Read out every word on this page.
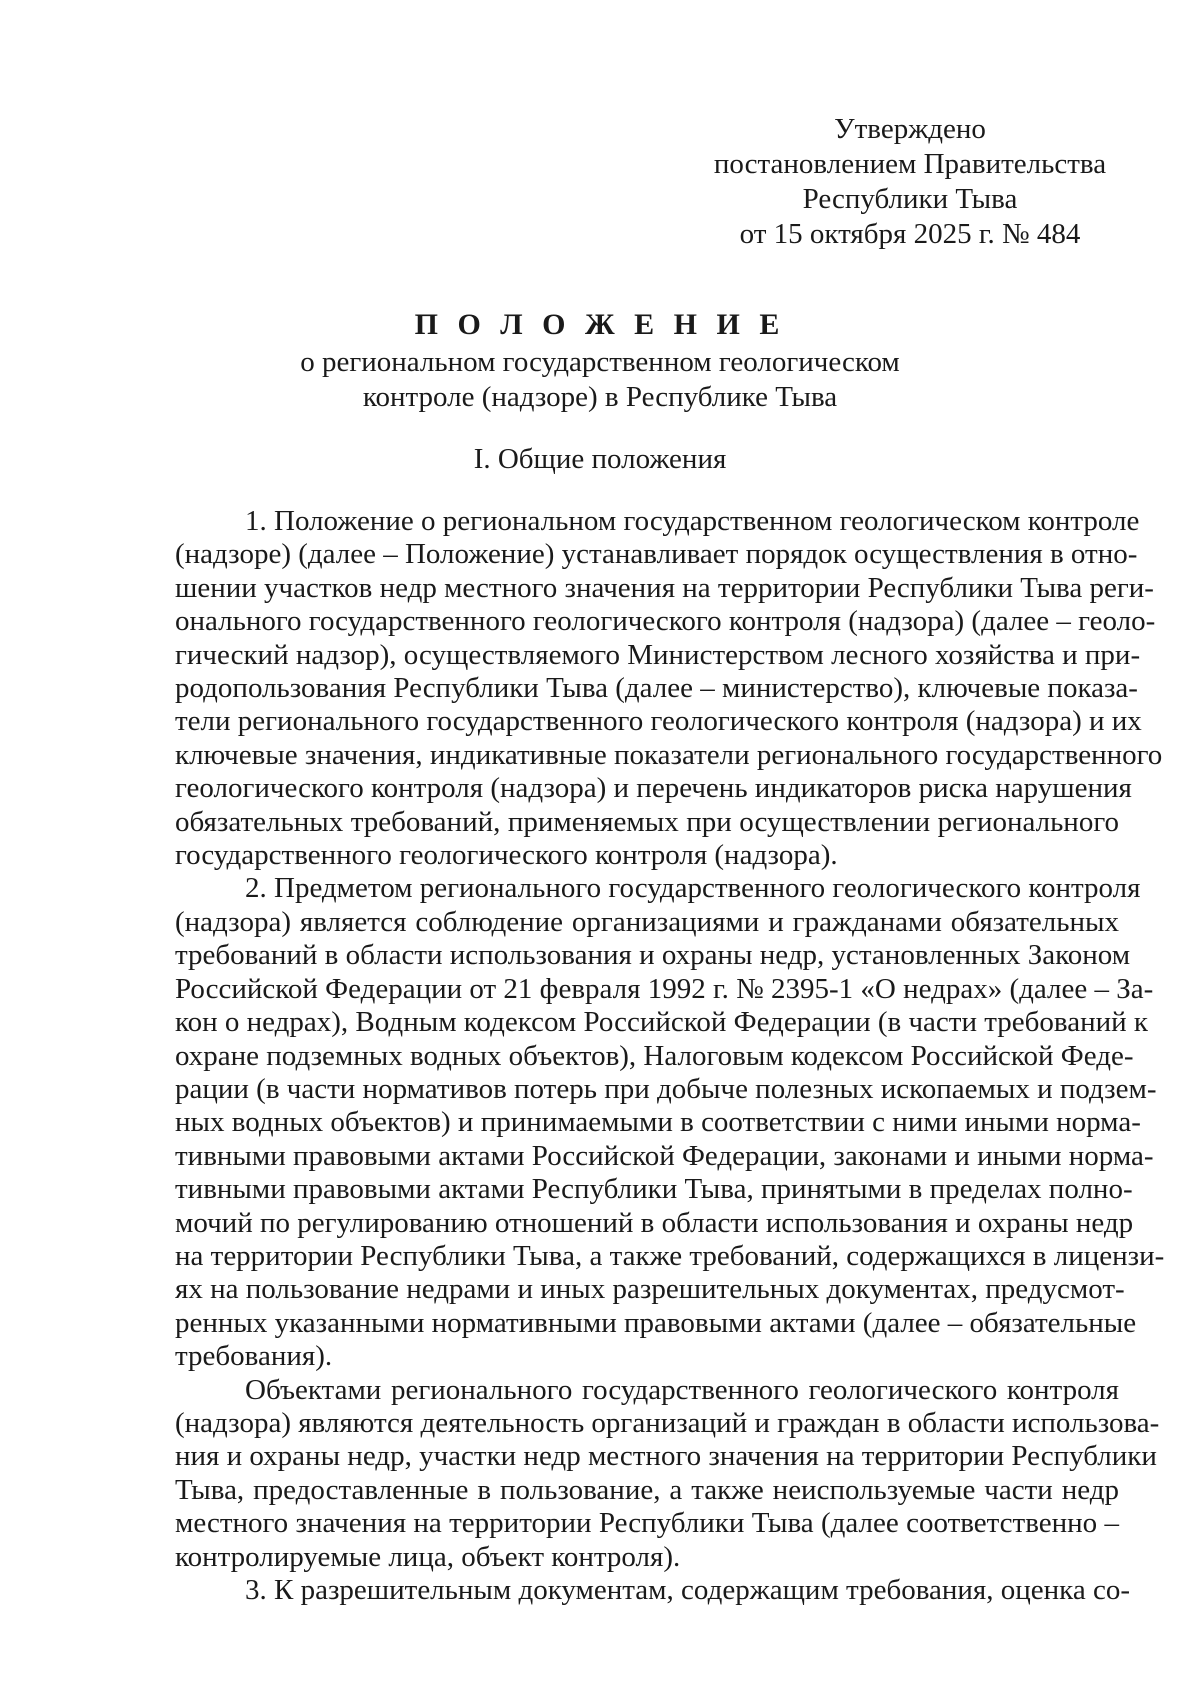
Утверждено
постановлением Правительства
Республики Тыва
от 15 октября 2025 г. № 484
П О Л О Ж Е Н И Е
о региональном государственном геологическом
контроле (надзоре) в Республике Тыва
I. Общие положения
1. Положение о региональном государственном геологическом контроле
(надзоре) (далее – Положение) устанавливает порядок осуществления в отно-
шении участков недр местного значения на территории Республики Тыва реги-
онального государственного геологического контроля (надзора) (далее – геоло-
гический надзор), осуществляемого Министерством лесного хозяйства и при-
родопользования Республики Тыва (далее – министерство), ключевые показа-
тели регионального государственного геологического контроля (надзора) и их
ключевые значения, индикативные показатели регионального государственного
геологического контроля (надзора) и перечень индикаторов риска нарушения
обязательных требований, применяемых при осуществлении регионального
государственного геологического контроля (надзора).
2. Предметом регионального государственного геологического контроля
(надзора) является соблюдение организациями и гражданами обязательных
требований в области использования и охраны недр, установленных Законом
Российской Федерации от 21 февраля 1992 г. № 2395-1 «О недрах» (далее – За-
кон о недрах), Водным кодексом Российской Федерации (в части требований к
охране подземных водных объектов), Налоговым кодексом Российской Феде-
рации (в части нормативов потерь при добыче полезных ископаемых и подзем-
ных водных объектов) и принимаемыми в соответствии с ними иными норма-
тивными правовыми актами Российской Федерации, законами и иными норма-
тивными правовыми актами Республики Тыва, принятыми в пределах полно-
мочий по регулированию отношений в области использования и охраны недр
на территории Республики Тыва, а также требований, содержащихся в лицензи-
ях на пользование недрами и иных разрешительных документах, предусмот-
ренных указанными нормативными правовыми актами (далее – обязательные
требования).
Объектами регионального государственного геологического контроля
(надзора) являются деятельность организаций и граждан в области использова-
ния и охраны недр, участки недр местного значения на территории Республики
Тыва, предоставленные в пользование, а также неиспользуемые части недр
местного значения на территории Республики Тыва (далее соответственно –
контролируемые лица, объект контроля).
3. К разрешительным документам, содержащим требования, оценка со-
